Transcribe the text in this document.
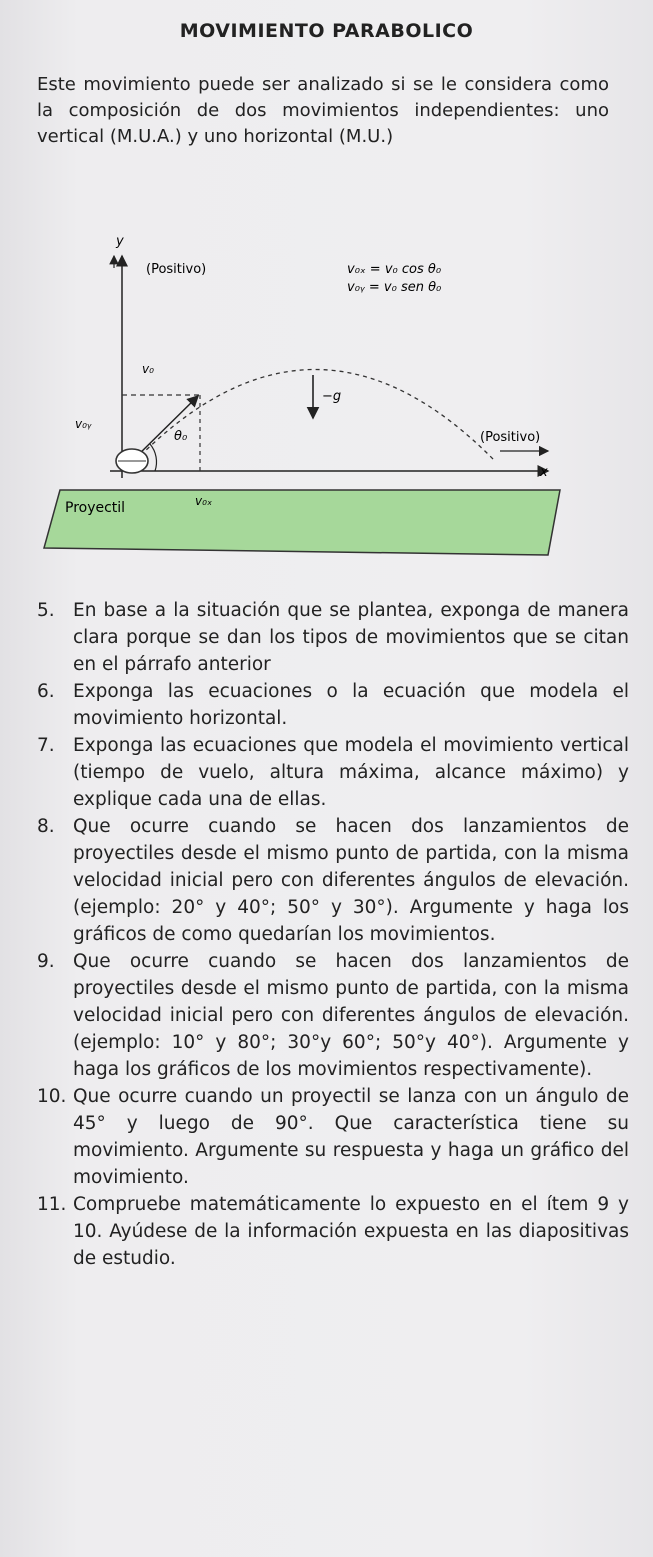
MOVIMIENTO PARABOLICO

Este movimiento puede ser analizado si se le considera como la composición de dos movimientos independientes: uno vertical (M.U.A.) y uno horizontal (M.U.)

x
y
(Positivo)	v₀ₓ = v₀ cos θ₀
v₀ᵧ = v₀ sen θ₀
v₀
v₀ᵧ
−g
θ₀	(Positivo)
v₀ₓ
Proyectil
5. En base a la situación que se plantea, exponga de manera clara porque se dan los tipos de movimientos que se citan en el párrafo anterior
6. Exponga las ecuaciones o la ecuación que modela el movimiento horizontal.
7. Exponga las ecuaciones que modela el movimiento vertical (tiempo de vuelo, altura máxima, alcance máximo) y explique cada una de ellas.
8. Que ocurre cuando se hacen dos lanzamientos de proyectiles desde el mismo punto de partida, con la misma velocidad inicial pero con diferentes ángulos de elevación. (ejemplo: 20° y 40°; 50° y 30°). Argumente y haga los gráficos de como quedarían los movimientos.
9. Que ocurre cuando se hacen dos lanzamientos de proyectiles desde el mismo punto de partida, con la misma velocidad inicial pero con diferentes ángulos de elevación. (ejemplo: 10° y 80°; 30°y 60°; 50°y 40°). Argumente y haga los gráficos de los movimientos respectivamente).
10. Que ocurre cuando un proyectil se lanza con un ángulo de 45° y luego de 90°. Que característica tiene su movimiento. Argumente su respuesta y haga un gráfico del movimiento.
11. Compruebe matemáticamente lo expuesto en el ítem 9 y 10. Ayúdese de la información expuesta en las diapositivas de estudio.
